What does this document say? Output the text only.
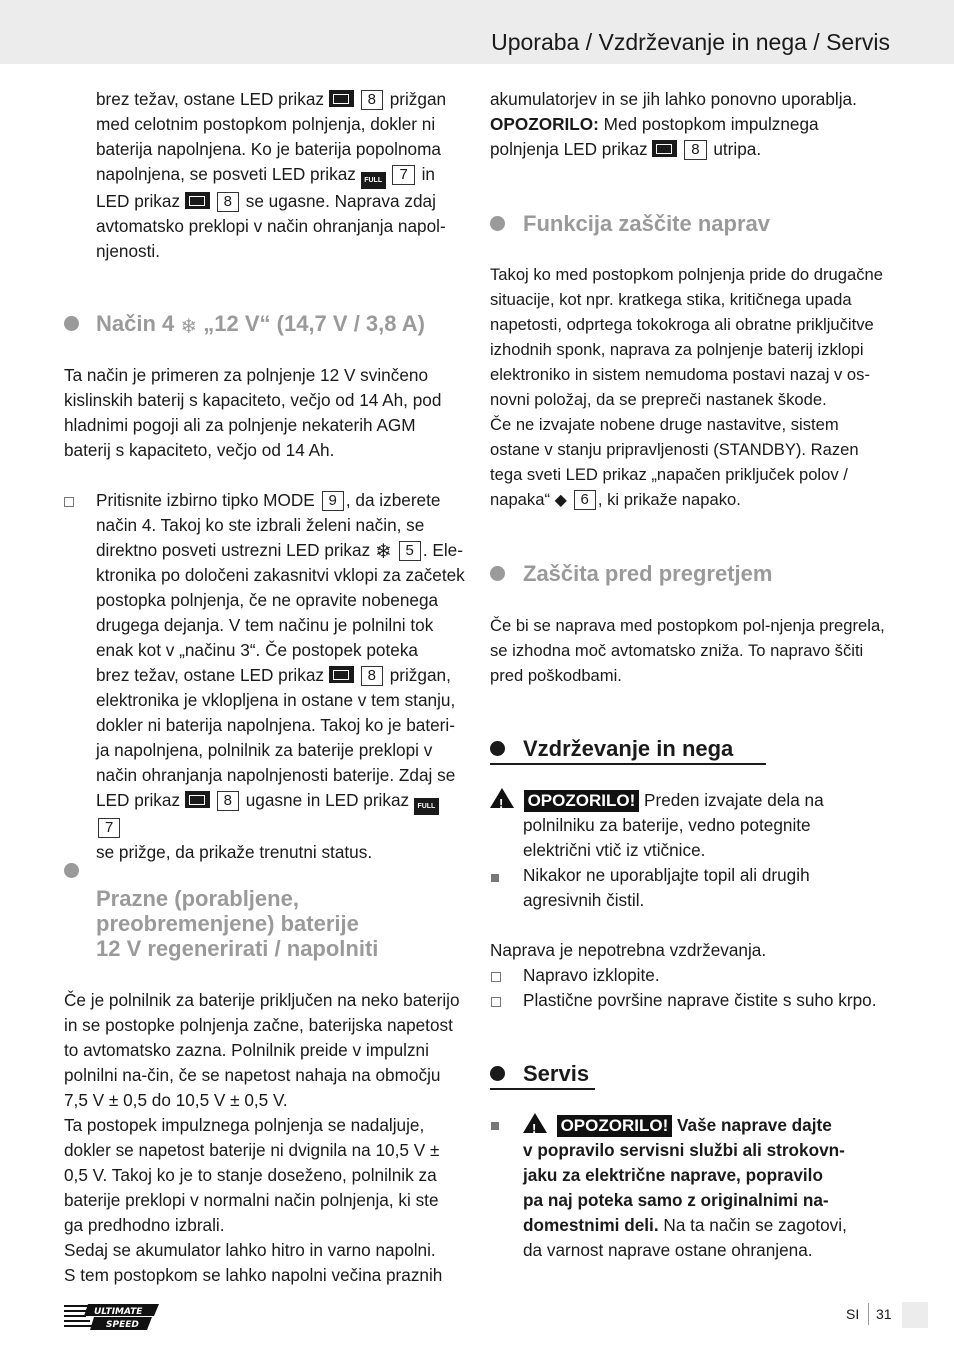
Uporaba / Vzdrževanje in nega / Servis

brez težav, ostane LED prikaz	8 prižgan

med celotnim postopkom polnjenja, dokler ni

baterija napolnjena. Ko je baterija popolnoma

napolnjena, se posveti LED prikaz FULL 7 in

LED prikaz	8 se ugasne. Naprava zdaj

avtomatsko preklopi v način ohranjanja napol-

njenosti.

Način 4 ❄ „12 V“ (14,7 V / 3,8 A)

Ta način je primeren za polnjenje 12 V svinčeno

kislinskih baterij s kapaciteto, večjo od 14 Ah, pod

hladnimi pogoji ali za polnjenje nekaterih AGM

baterij s kapaciteto, večjo od 14 Ah.

Pritisnite izbirno tipko MODE 9 , da izberete

način 4. Takoj ko ste izbrali želeni način, se

direktno posveti ustrezni LED prikaz ❄ 5 . Ele-

ktronika po določeni zakasnitvi vklopi za začetek

postopka polnjenja, če ne opravite nobenega

drugega dejanja. V tem načinu je polnilni tok

enak kot v „načinu 3“. Če postopek poteka

brez težav, ostane LED prikaz	8 prižgan,

elektronika je vklopljena in ostane v tem stanju,

dokler ni baterija napolnjena. Takoj ko je bateri-

ja napolnjena, polnilnik za baterije preklopi v

način ohranjanja napolnjenosti baterije. Zdaj se

LED prikaz	8 ugasne in LED prikaz FULL 7

se prižge, da prikaže trenutni status.

Prazne (porabljene,
preobremenjene) baterije
12 V regenerirati / napolniti

Če je polnilnik za baterije priključen na neko baterijo

in se postopke polnjenja začne, baterijska napetost

to avtomatsko zazna. Polnilnik preide v impulzni

polnilni na-čin, če se napetost nahaja na območju

7,5 V ± 0,5 do 10,5 V ± 0,5 V.

Ta postopek impulznega polnjenja se nadaljuje,

dokler se napetost baterije ni dvignila na 10,5 V ±

0,5 V. Takoj ko je to stanje doseženo, polnilnik za

baterije preklopi v normalni način polnjenja, ki ste

ga predhodno izbrali.

Sedaj se akumulator lahko hitro in varno napolni.

S tem postopkom se lahko napolni večina praznih

akumulatorjev in se jih lahko ponovno uporablja.

OPOZORILO: Med postopkom impulznega

polnjenja LED prikaz	8 utripa.

Funkcija zaščite naprav

Takoj ko med postopkom polnjenja pride do drugačne

situacije, kot npr. kratkega stika, kritičnega upada

napetosti, odprtega tokokroga ali obratne priključitve

izhodnih sponk, naprava za polnjenje baterij izklopi

elektroniko in sistem nemudoma postavi nazaj v os-

novni položaj, da se prepreči nastanek škode.

Če ne izvajate nobene druge nastavitve, sistem

ostane v stanju pripravljenosti (STANDBY). Razen

tega sveti LED prikaz „napačen priključek polov /

napaka“ ◆ 6 , ki prikaže napako.

Zaščita pred pregretjem

Če bi se naprava med postopkom pol-njenja pregrela,

se izhodna moč avtomatsko zniža. To napravo ščiti

pred poškodbami.

Vzdrževanje in nega

!  OPOZORILO! Preden izvajate dela na

polnilniku za baterije, vedno potegnite

električni vtič iz vtičnice.

Nikakor ne uporabljajte topil ali drugih

agresivnih čistil.

Naprava je nepotrebna vzdrževanja.

Napravo izklopite.

Plastične površine naprave čistite s suho krpo.

Servis

!  OPOZORILO! Vaše naprave dajte

v popravilo servisni službi ali strokovn-

jaku za električne naprave, popravilo

pa naj poteka samo z originalnimi na-

domestnimi deli. Na ta način se zagotovi,

da varnost naprave ostane ohranjena.

ULTIMATE
SPEED
SI 31
